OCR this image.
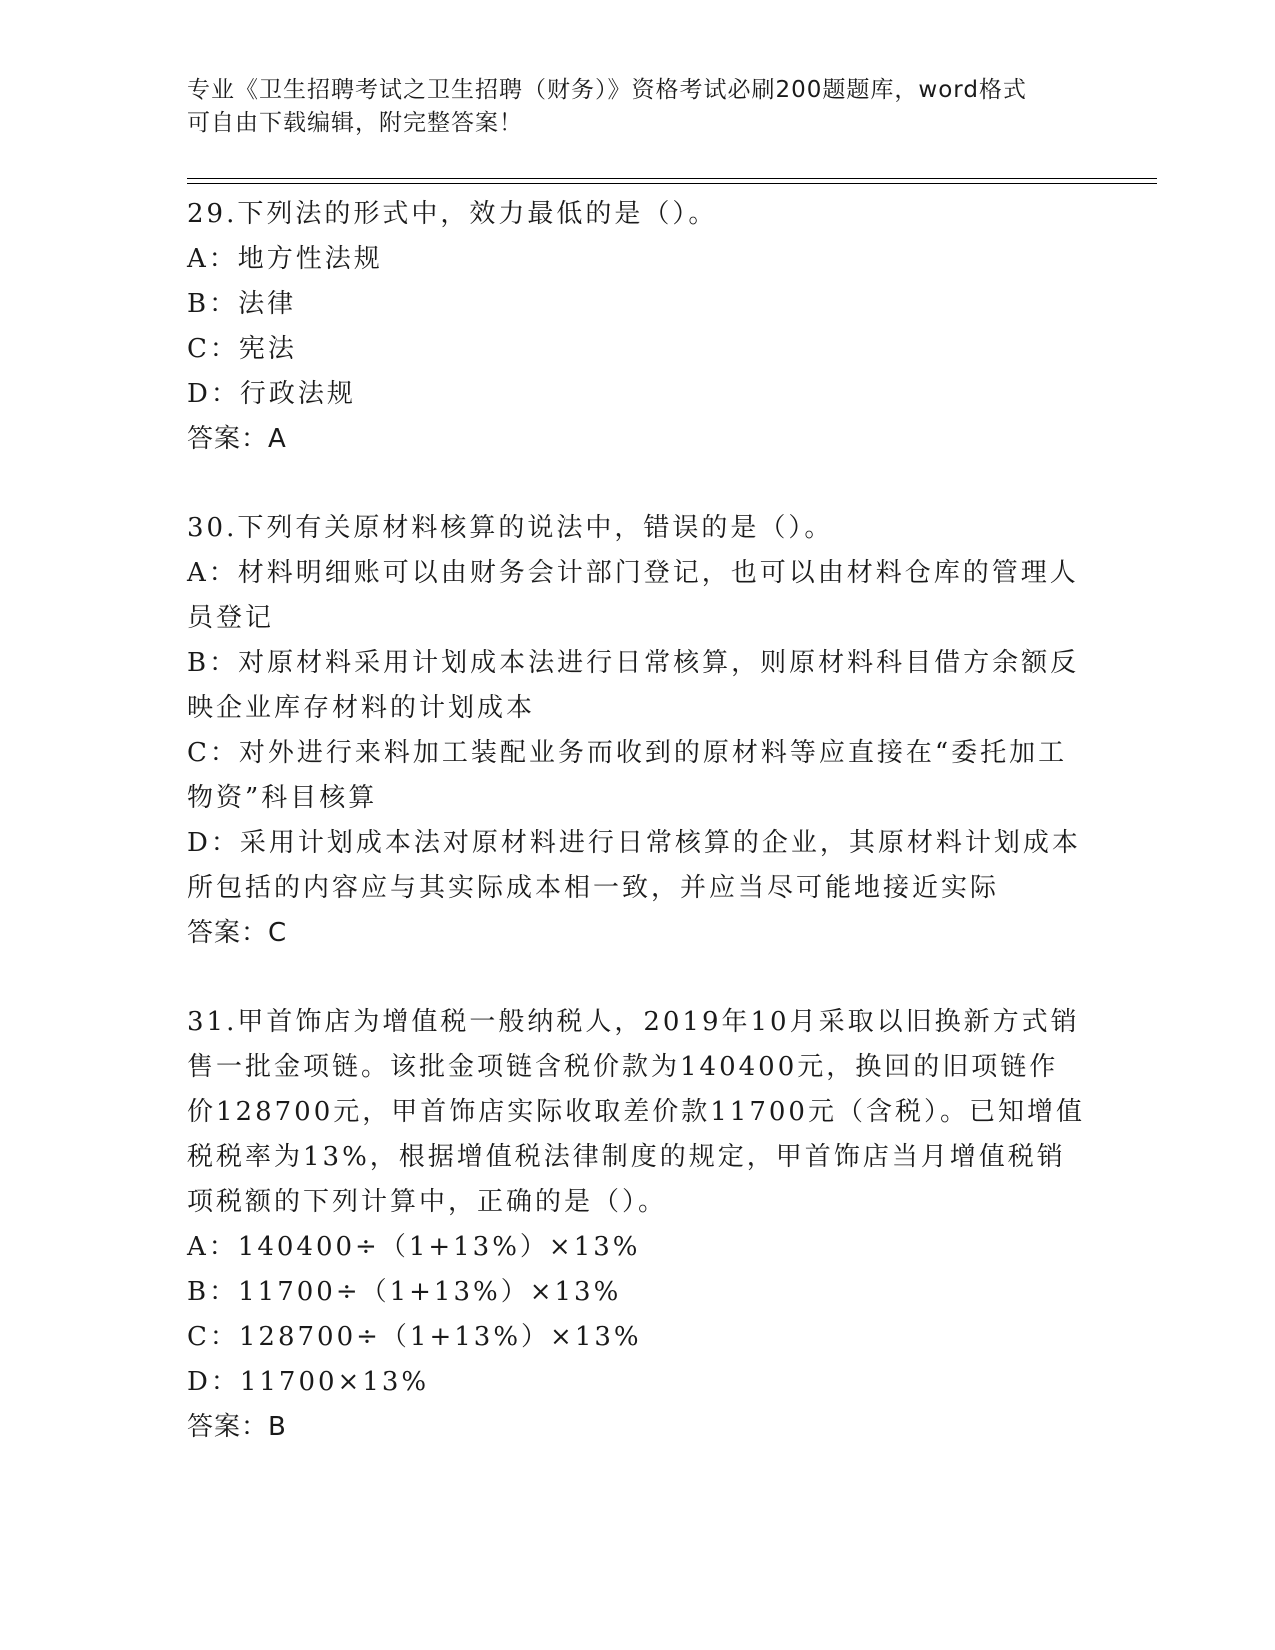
专业《卫生招聘考试之卫生招聘（财务）》资格考试必刷200题题库，word格式
可自由下载编辑，附完整答案！

29.下列法的形式中，效力最低的是（）。

A：地方性法规

B：法律

C：宪法

D：行政法规

答案：A

30.下列有关原材料核算的说法中，错误的是（）。

A：材料明细账可以由财务会计部门登记，也可以由材料仓库的管理人员登记

B：对原材料采用计划成本法进行日常核算，则原材料科目借方余额反映企业库存材料的计划成本

C：对外进行来料加工装配业务而收到的原材料等应直接在“委托加工物资”科目核算

D：采用计划成本法对原材料进行日常核算的企业，其原材料计划成本所包括的内容应与其实际成本相一致，并应当尽可能地接近实际

答案：C

31.甲首饰店为增值税一般纳税人，2019年10月采取以旧换新方式销售一批金项链。该批金项链含税价款为140400元，换回的旧项链作价128700元，甲首饰店实际收取差价款11700元（含税）。已知增值税税率为13%，根据增值税法律制度的规定，甲首饰店当月增值税销项税额的下列计算中，正确的是（）。

A：140400÷（1+13%）×13%

B：11700÷（1+13%）×13%

C：128700÷（1+13%）×13%

D：11700×13%

答案：B
